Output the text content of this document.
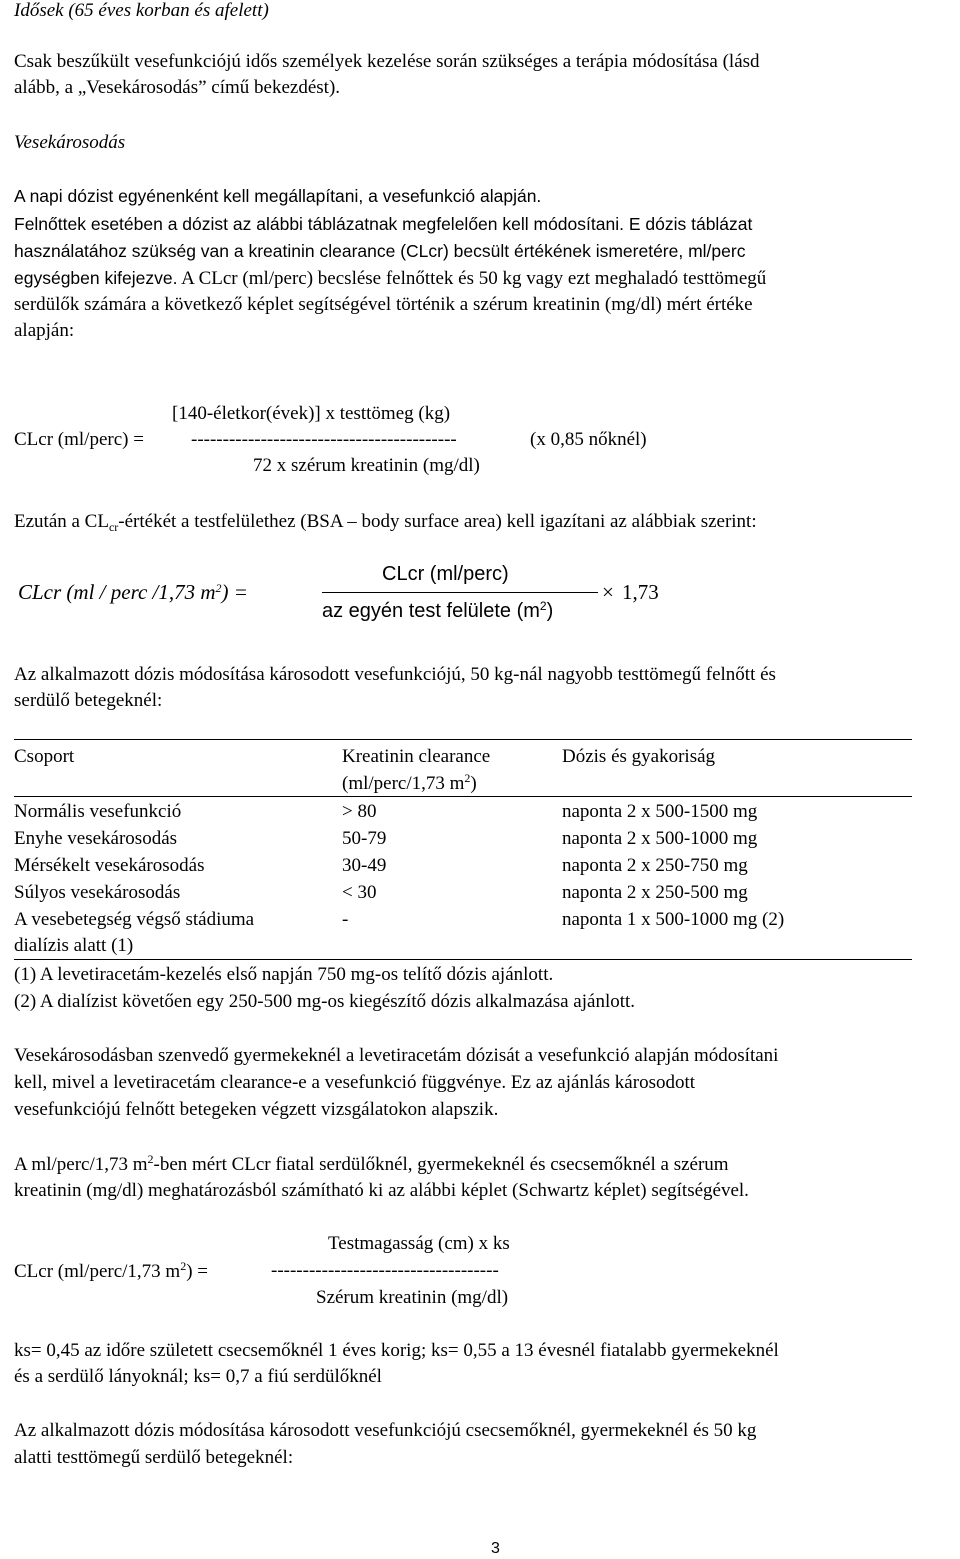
Idősek (65 éves korban és afelett)
Csak beszűkült vesefunkciójú idős személyek kezelése során szükséges a terápia módosítása (lásd
alább, a „Vesekárosodás” című bekezdést).
Vesekárosodás
A napi dózist egyénenként kell megállapítani, a vesefunkció alapján.
Felnőttek esetében a dózist az alábbi táblázatnak megfelelően kell módosítani. E dózis táblázat
használatához szükség van a kreatinin clearance (CLcr) becsült értékének ismeretére, ml/perc
egységben kifejezve. A CLcr (ml/perc) becslése felnőttek és 50 kg vagy ezt meghaladó testtömegű
serdülők számára a következő képlet segítségével történik a szérum kreatinin (mg/dl) mért értéke
alapján:
[140-életkor(évek)] x testtömeg (kg)
CLcr (ml/perc) = ------------------------------------------	(x 0,85 nőknél)
72 x szérum kreatinin (mg/dl)
Ezután a $CL_{cr}$-értékét a testfelülethez (BSA – body surface area) kell igazítani az alábbiak szerint:
CLcr (ml / perc /1,73 $m^2$) =
CLcr (ml/perc)
az egyén test felülete $(m^2)$
× 1,73
Az alkalmazott dózis módosítása károsodott vesefunkciójú, 50 kg-nál nagyobb testtömegű felnőtt és
serdülő betegeknél:
Csoport	Kreatinin clearance	Dózis és gyakoriság
(ml/perc/1,73 $m^2$)
Normális vesefunkció	> 80	naponta 2 x 500-1500 mg
Enyhe vesekárosodás	50-79	naponta 2 x 500-1000 mg
Mérsékelt vesekárosodás	30-49	naponta 2 x 250-750 mg
Súlyos vesekárosodás	< 30	naponta 2 x 250-500 mg
A vesebetegség végső stádiuma	-	naponta 1 x 500-1000 mg (2)
dialízis alatt (1)
(1) A levetiracetám-kezelés első napján 750 mg-os telítő dózis ajánlott.
(2) A dialízist követően egy 250-500 mg-os kiegészítő dózis alkalmazása ajánlott.
Vesekárosodásban szenvedő gyermekeknél a levetiracetám dózisát a vesefunkció alapján módosítani
kell, mivel a levetiracetám clearance-e a vesefunkció függvénye. Ez az ajánlás károsodott
vesefunkciójú felnőtt betegeken végzett vizsgálatokon alapszik.
A ml/perc/1,73 $m^2$-ben mért CLcr fiatal serdülőknél, gyermekeknél és csecsemőknél a szérum
kreatinin (mg/dl) meghatározásból számítható ki az alábbi képlet (Schwartz képlet) segítségével.
Testmagasság (cm) x ks
CLcr (ml/perc/1,73 $m^2$) =	------------------------------------
Szérum kreatinin (mg/dl)
ks= 0,45 az időre született csecsemőknél 1 éves korig; ks= 0,55 a 13 évesnél fiatalabb gyermekeknél
és a serdülő lányoknál; ks= 0,7 a fiú serdülőknél
Az alkalmazott dózis módosítása károsodott vesefunkciójú csecsemőknél, gyermekeknél és 50 kg
alatti testtömegű serdülő betegeknél:
3
